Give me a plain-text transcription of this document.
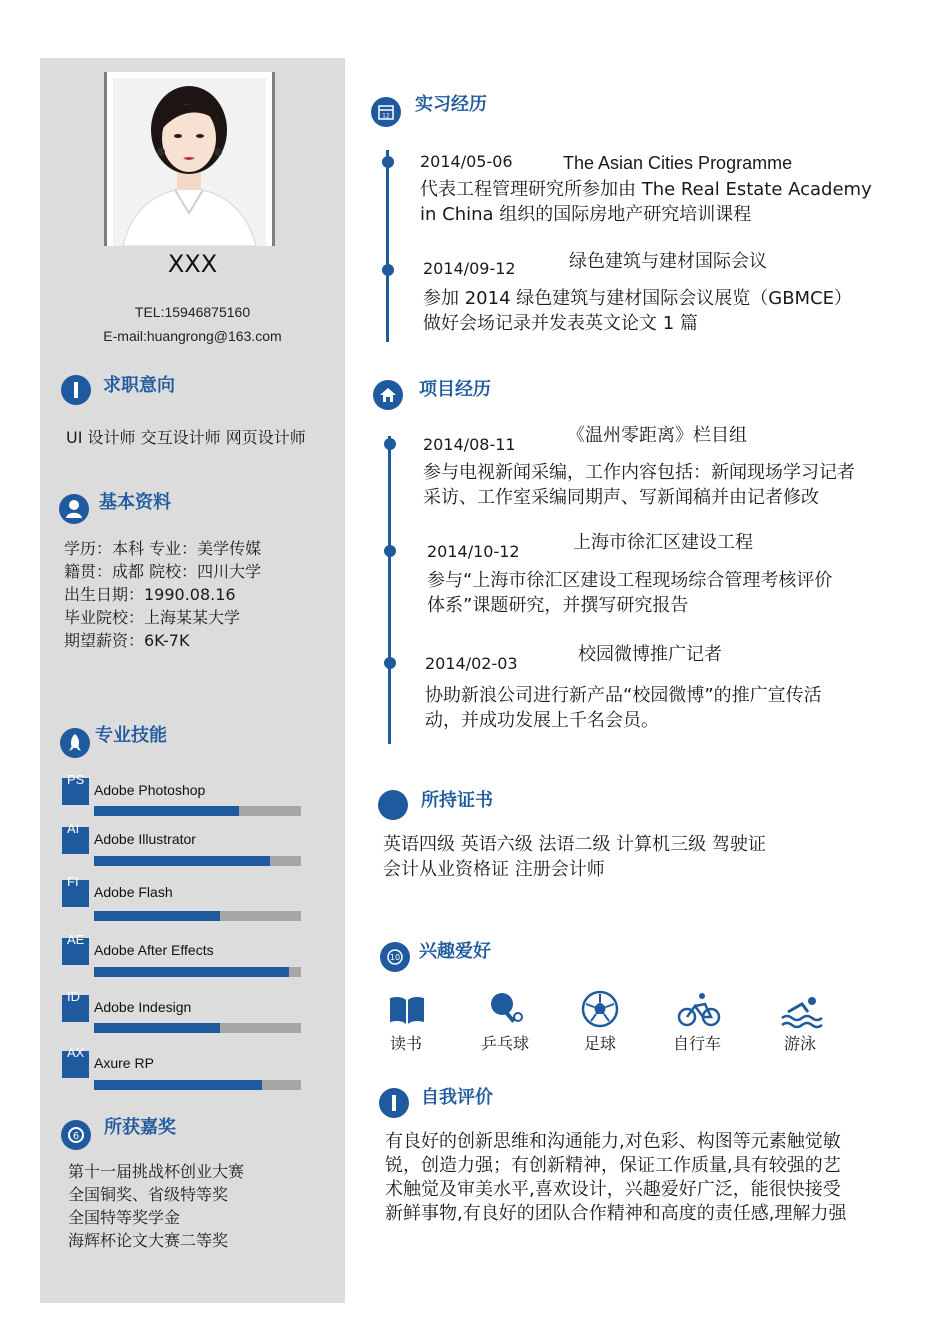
XXX
TEL:15946875160
E-mail:huangrong@163.com
求职意向
UI 设计师 交互设计师 网页设计师
基本资料
学历：本科 专业：美学传媒
籍贯：成都 院校：四川大学
出生日期：1990.08.16
毕业院校：上海某某大学
期望薪资：6K-7K
专业技能
PS
Adobe Photoshop
AI
Adobe Illustrator
FI
Adobe Flash
AE
Adobe After Effects
ID
Adobe Indesign
AX
Axure RP
6 所获嘉奖
第十一届挑战杯创业大赛
全国铜奖、省级特等奖
全国特等奖学金
海辉杯论文大赛二等奖
12
实习经历
2014/05-06	The Asian Cities Programme
代表工程管理研究所参加由 The Real Estate Academy
in China 组织的国际房地产研究培训课程
2014/09-12	绿色建筑与建材国际会议
参加 2014 绿色建筑与建材国际会议展览（GBMCE）
做好会场记录并发表英文论文 1 篇
项目经历
2014/08-11	《温州零距离》栏目组
参与电视新闻采编，工作内容包括：新闻现场学习记者
采访、工作室采编同期声、写新闻稿并由记者修改
2014/10-12	上海市徐汇区建设工程
参与“上海市徐汇区建设工程现场综合管理考核评价
体系”课题研究，并撰写研究报告
2014/02-03	校园微博推广记者
协助新浪公司进行新产品“校园微博”的推广宣传活
动，并成功发展上千名会员。
所持证书
英语四级 英语六级 法语二级 计算机三级 驾驶证
会计从业资格证 注册会计师
10 兴趣爱好
读书	乒乓球	足球	自行车	游泳
自我评价
有良好的创新思维和沟通能力,对色彩、构图等元素触觉敏
锐，创造力强；有创新精神，保证工作质量,具有较强的艺
术触觉及审美水平,喜欢设计，兴趣爱好广泛，能很快接受
新鲜事物,有良好的团队合作精神和高度的责任感,理解力强
